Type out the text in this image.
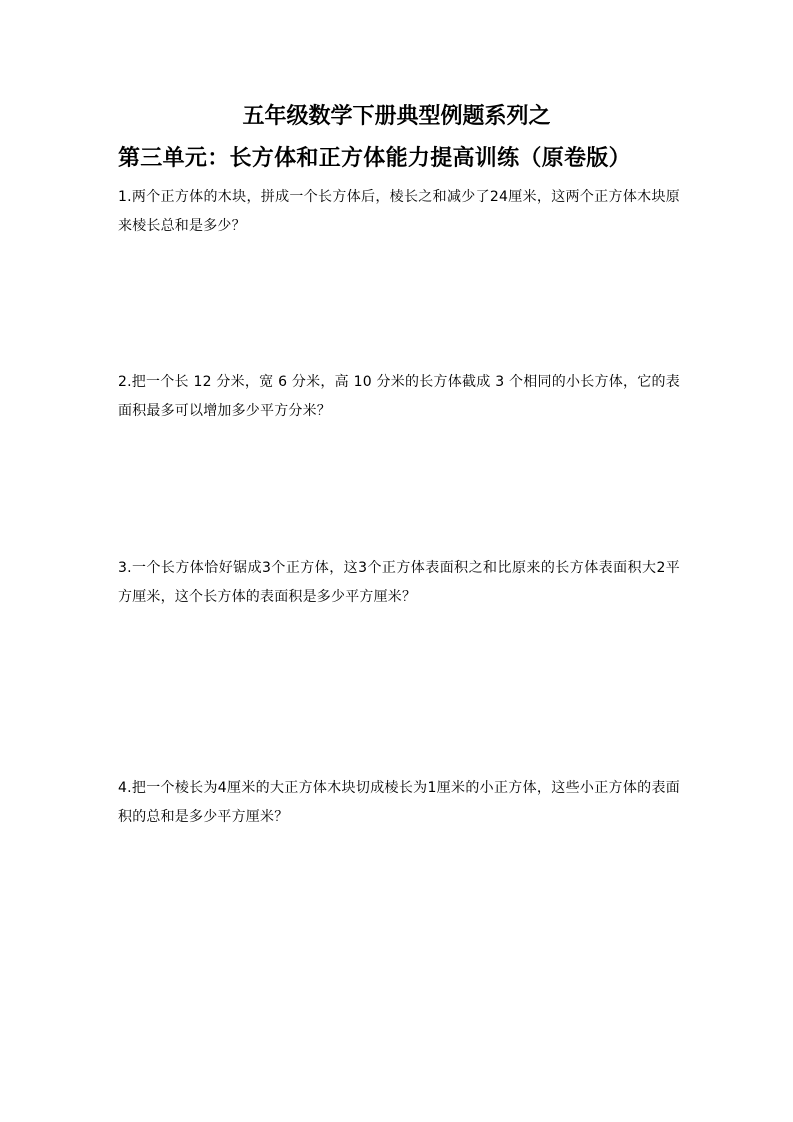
五年级数学下册典型例题系列之
第三单元：长方体和正方体能力提高训练（原卷版）
1.两个正方体的木块，拼成一个长方体后，棱长之和减少了24厘米，这两个正方体木块原来棱长总和是多少？
2.把一个长 12 分米，宽 6 分米，高 10 分米的长方体截成 3 个相同的小长方体，它的表面积最多可以增加多少平方分米？
3.一个长方体恰好锯成3个正方体，这3个正方体表面积之和比原来的长方体表面积大2平方厘米，这个长方体的表面积是多少平方厘米？
4.把一个棱长为4厘米的大正方体木块切成棱长为1厘米的小正方体，这些小正方体的表面积的总和是多少平方厘米？
